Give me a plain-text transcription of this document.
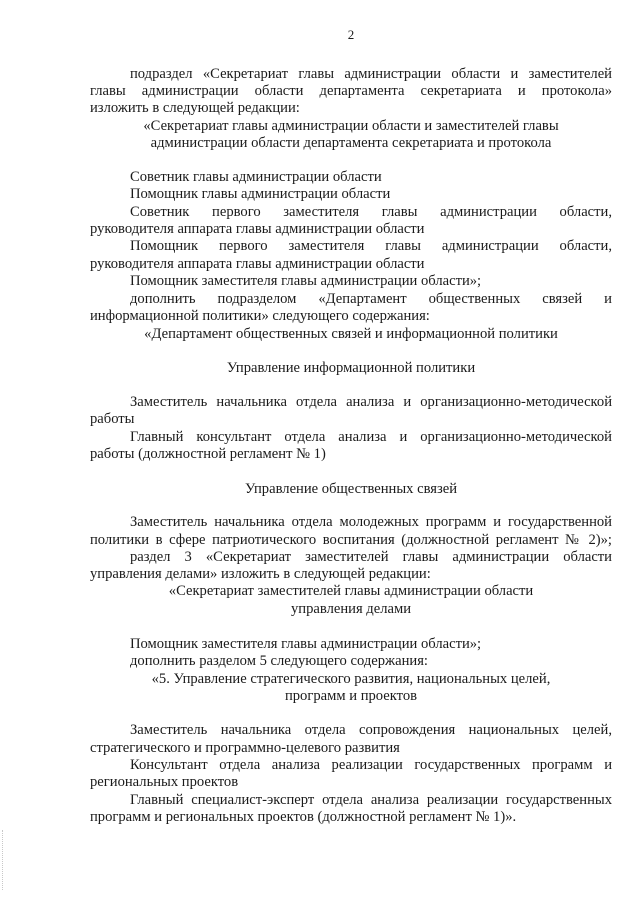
2
подраздел «Секретариат главы администрации области и заместителей
главы администрации области департамента секретариата и протокола»
изложить в следующей редакции:
«Секретариат главы администрации области и заместителей главы
администрации области департамента секретариата и протокола
Советник главы администрации области
Помощник главы администрации области
Советник первого заместителя главы администрации области,
руководителя аппарата главы администрации области
Помощник первого заместителя главы администрации области,
руководителя аппарата главы администрации области
Помощник заместителя главы администрации области»;
дополнить подразделом «Департамент общественных связей и
информационной политики» следующего содержания:
«Департамент общественных связей и информационной политики
Управление информационной политики
Заместитель начальника отдела анализа и организационно-методической
работы
Главный консультант отдела анализа и организационно-методической
работы (должностной регламент № 1)
Управление общественных связей
Заместитель начальника отдела молодежных программ и государственной
политики в сфере патриотического воспитания (должностной регламент № 2)»;
раздел 3 «Секретариат заместителей главы администрации области
управления делами» изложить в следующей редакции:
«Секретариат заместителей главы администрации области
управления делами
Помощник заместителя главы администрации области»;
дополнить разделом 5 следующего содержания:
«5. Управление стратегического развития, национальных целей,
программ и проектов
Заместитель начальника отдела сопровождения национальных целей,
стратегического и программно-целевого развития
Консультант отдела анализа реализации государственных программ и
региональных проектов
Главный специалист-эксперт отдела анализа реализации государственных
программ и региональных проектов (должностной регламент № 1)».
